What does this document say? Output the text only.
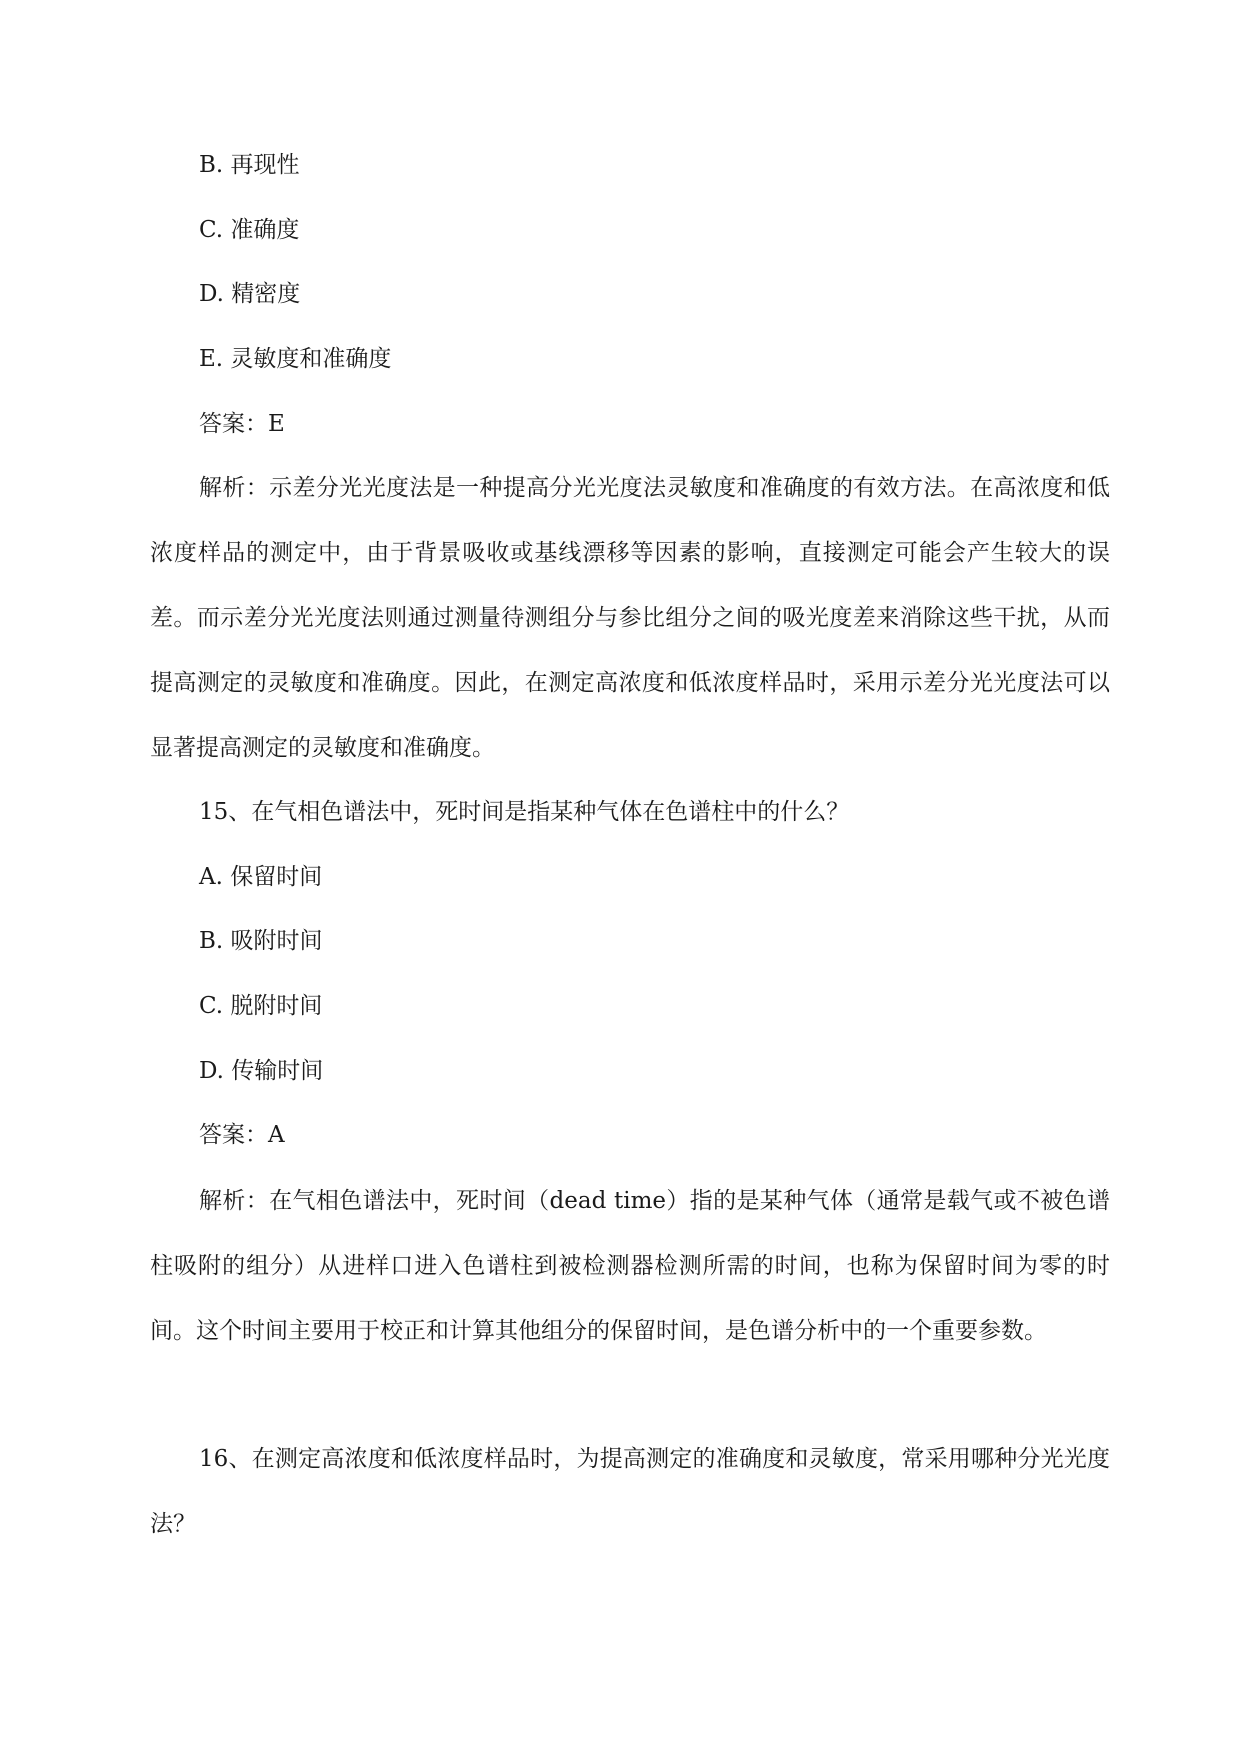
B. 再现性
C. 准确度
D. 精密度
E. 灵敏度和准确度
答案：E
解析：示差分光光度法是一种提高分光光度法灵敏度和准确度的有效方法。在高浓度和低浓度样品的测定中，由于背景吸收或基线漂移等因素的影响，直接测定可能会产生较大的误差。而示差分光光度法则通过测量待测组分与参比组分之间的吸光度差来消除这些干扰，从而提高测定的灵敏度和准确度。因此，在测定高浓度和低浓度样品时，采用示差分光光度法可以显著提高测定的灵敏度和准确度。
15、在气相色谱法中，死时间是指某种气体在色谱柱中的什么？
A. 保留时间
B. 吸附时间
C. 脱附时间
D. 传输时间
答案：A
解析：在气相色谱法中，死时间（dead time）指的是某种气体（通常是载气或不被色谱柱吸附的组分）从进样口进入色谱柱到被检测器检测所需的时间，也称为保留时间为零的时间。这个时间主要用于校正和计算其他组分的保留时间，是色谱分析中的一个重要参数。
16、在测定高浓度和低浓度样品时，为提高测定的准确度和灵敏度，常采用哪种分光光度法？
